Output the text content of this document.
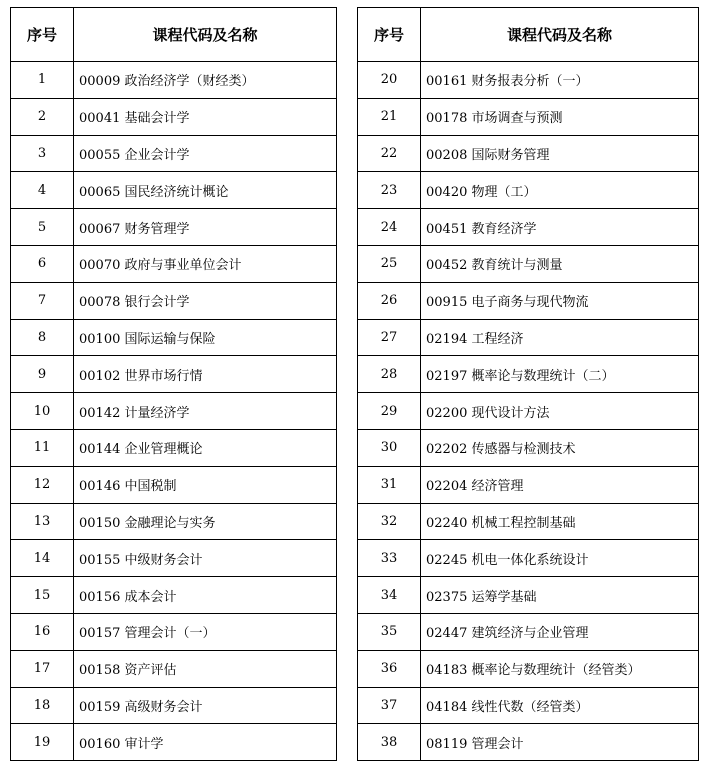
序号	课程代码及名称
1	00009 政治经济学（财经类）
2	00041 基础会计学
3	00055 企业会计学
4	00065 国民经济统计概论
5	00067 财务管理学
6	00070 政府与事业单位会计
7	00078 银行会计学
8	00100 国际运输与保险
9	00102 世界市场行情
10	00142 计量经济学
11	00144 企业管理概论
12	00146 中国税制
13	00150 金融理论与实务
14	00155 中级财务会计
15	00156 成本会计
16	00157 管理会计（一）
17	00158 资产评估
18	00159 高级财务会计
19	00160 审计学
序号	课程代码及名称
20	00161 财务报表分析（一）
21	00178 市场调查与预测
22	00208 国际财务管理
23	00420 物理（工）
24	00451 教育经济学
25	00452 教育统计与测量
26	00915 电子商务与现代物流
27	02194 工程经济
28	02197 概率论与数理统计（二）
29	02200 现代设计方法
30	02202 传感器与检测技术
31	02204 经济管理
32	02240 机械工程控制基础
33	02245 机电一体化系统设计
34	02375 运筹学基础
35	02447 建筑经济与企业管理
36	04183 概率论与数理统计（经管类）
37	04184 线性代数（经管类）
38	08119 管理会计
